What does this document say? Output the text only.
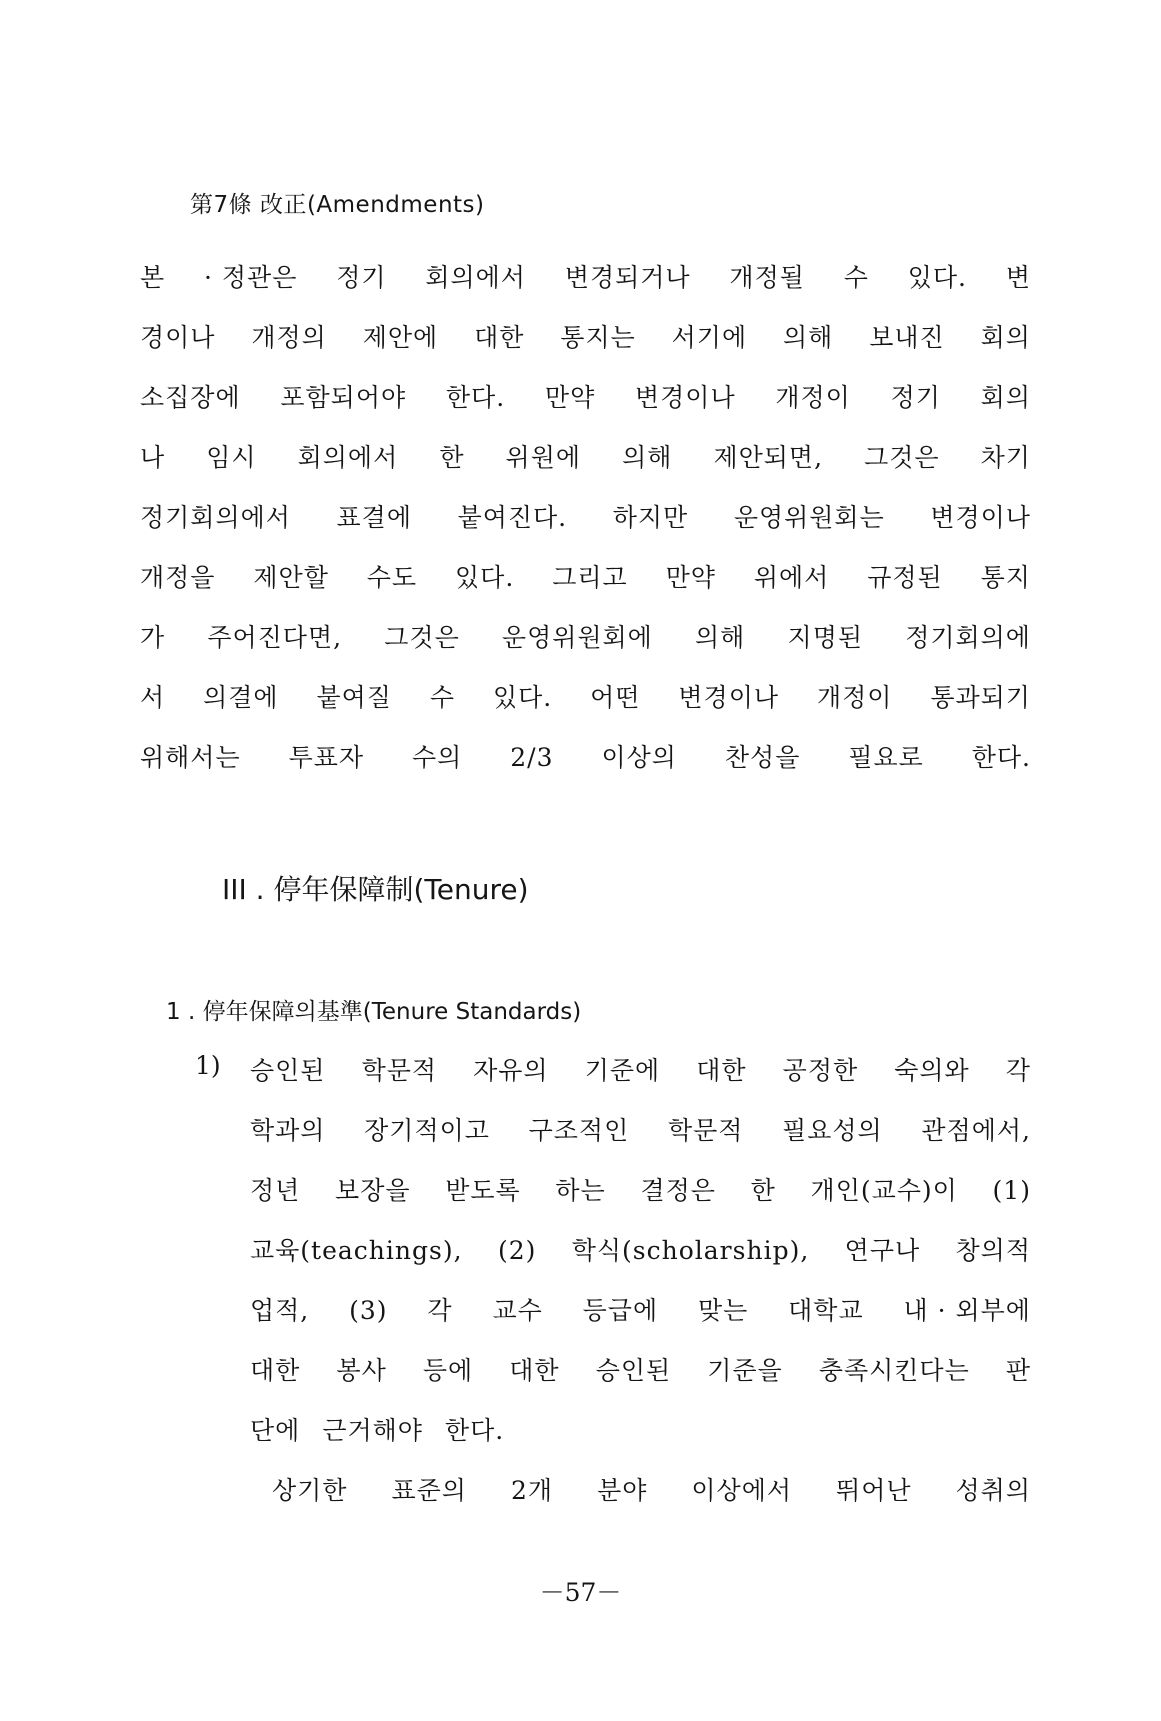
第7條 改正(Amendments)
본 · 정관은 정기 회의에서 변경되거나 개정될 수 있다. 변
경이나 개정의 제안에 대한 통지는 서기에 의해 보내진 회의
소집장에 포함되어야 한다. 만약 변경이나 개정이 정기 회의
나 임시 회의에서 한 위원에 의해 제안되면, 그것은 차기
정기회의에서 표결에 붙여진다. 하지만 운영위원회는 변경이나
개정을 제안할 수도 있다. 그리고 만약 위에서 규정된 통지
가 주어진다면, 그것은 운영위원회에 의해 지명된 정기회의에
서 의결에 붙여질 수 있다. 어떤 변경이나 개정이 통과되기
위해서는 투표자 수의 2/3 이상의 찬성을 필요로 한다.
III . 停年保障制(Tenure)
1 . 停年保障의基準(Tenure Standards)
1) 승인된 학문적 자유의 기준에 대한 공정한 숙의와 각
학과의 장기적이고 구조적인 학문적 필요성의 관점에서,
정년 보장을 받도록 하는 결정은 한 개인(교수)이 (1)
교육(teachings), (2) 학식(scholarship), 연구나 창의적
업적, (3) 각 교수 등급에 맞는 대학교 내 · 외부에
대한 봉사 등에 대한 승인된 기준을 충족시킨다는 판
단에 근거해야 한다.
상기한 표준의 2개 분야 이상에서 뛰어난 성취의
－57－
